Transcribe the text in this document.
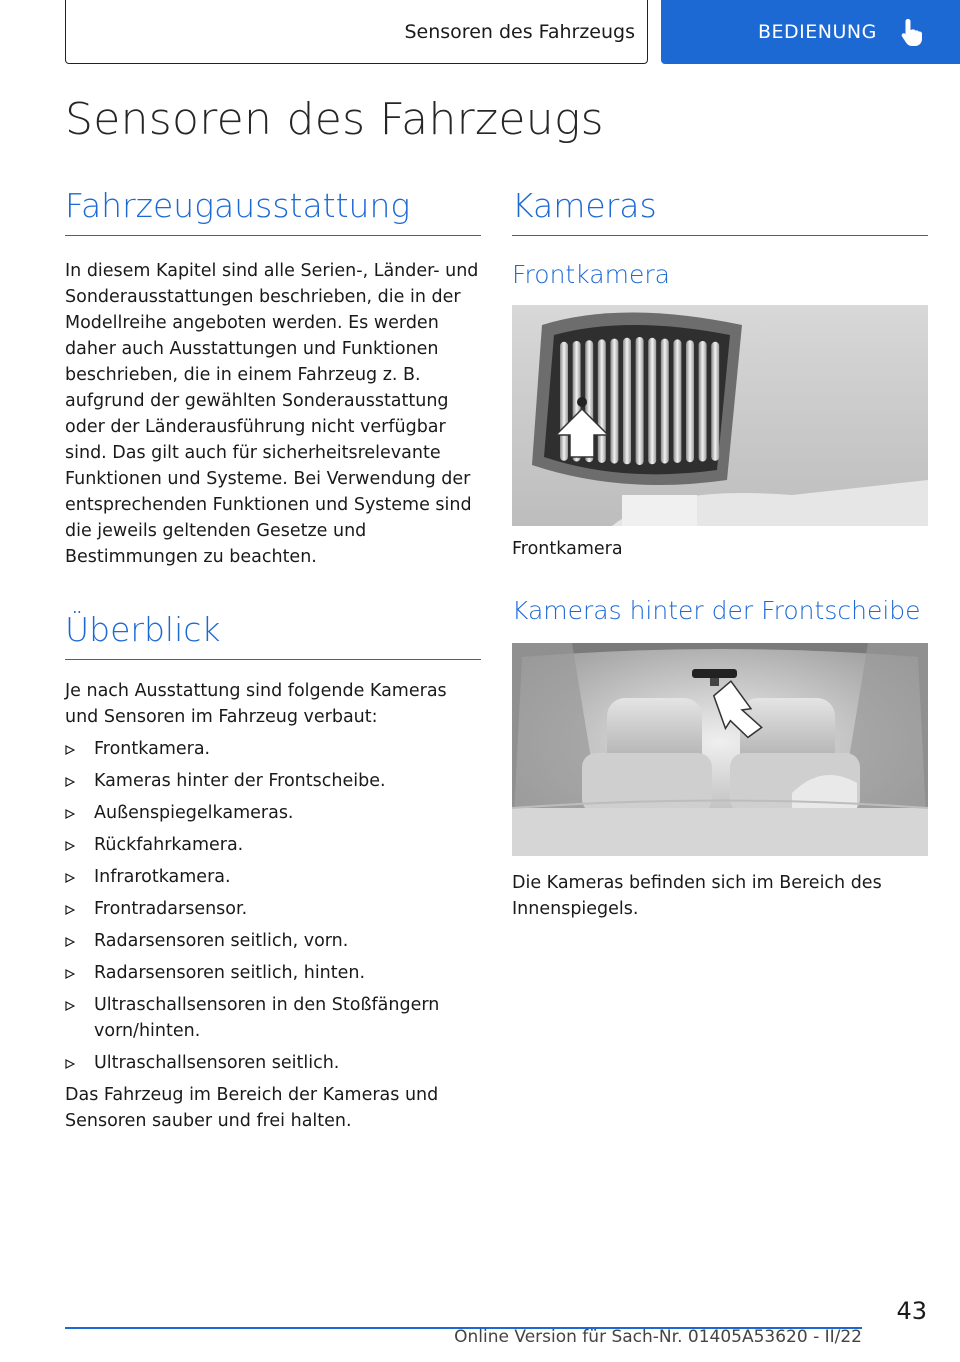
Sensoren des Fahrzeugs	BEDIENUNG
Sensoren des Fahrzeugs
Fahrzeugausstattung

In diesem Kapitel sind alle Serien-, Länder- und Sonderausstattungen beschrieben, die in der Modellreihe angeboten werden. Es werden daher auch Ausstattungen und Funktionen beschrieben, die in einem Fahrzeug z. B. aufgrund der gewählten Sonderausstattung oder der Länderausführung nicht verfügbar sind. Das gilt auch für sicherheitsrelevante Funktionen und Systeme. Bei Verwendung der entsprechenden Funktionen und Systeme sind die jeweils geltenden Gesetze und Bestimmungen zu beachten.

Überblick

Je nach Ausstattung sind folgende Kameras und Sensoren im Fahrzeug verbaut:

Frontkamera.
Kameras hinter der Frontscheibe.
Außenspiegelkameras.
Rückfahrkamera.
Infrarotkamera.
Frontradarsensor.
Radarsensoren seitlich, vorn.
Radarsensoren seitlich, hinten.
Ultraschallsensoren in den Stoßfängern vorn/hinten.
Ultraschallsensoren seitlich.

Das Fahrzeug im Bereich der Kameras und Sensoren sauber und frei halten.

Kameras
Frontkamera
Frontkamera
Kameras hinter der Frontscheibe

Die Kameras befinden sich im Bereich des Innenspiegels.

43
Online Version für Sach-Nr. 01405A53620 - II/22
